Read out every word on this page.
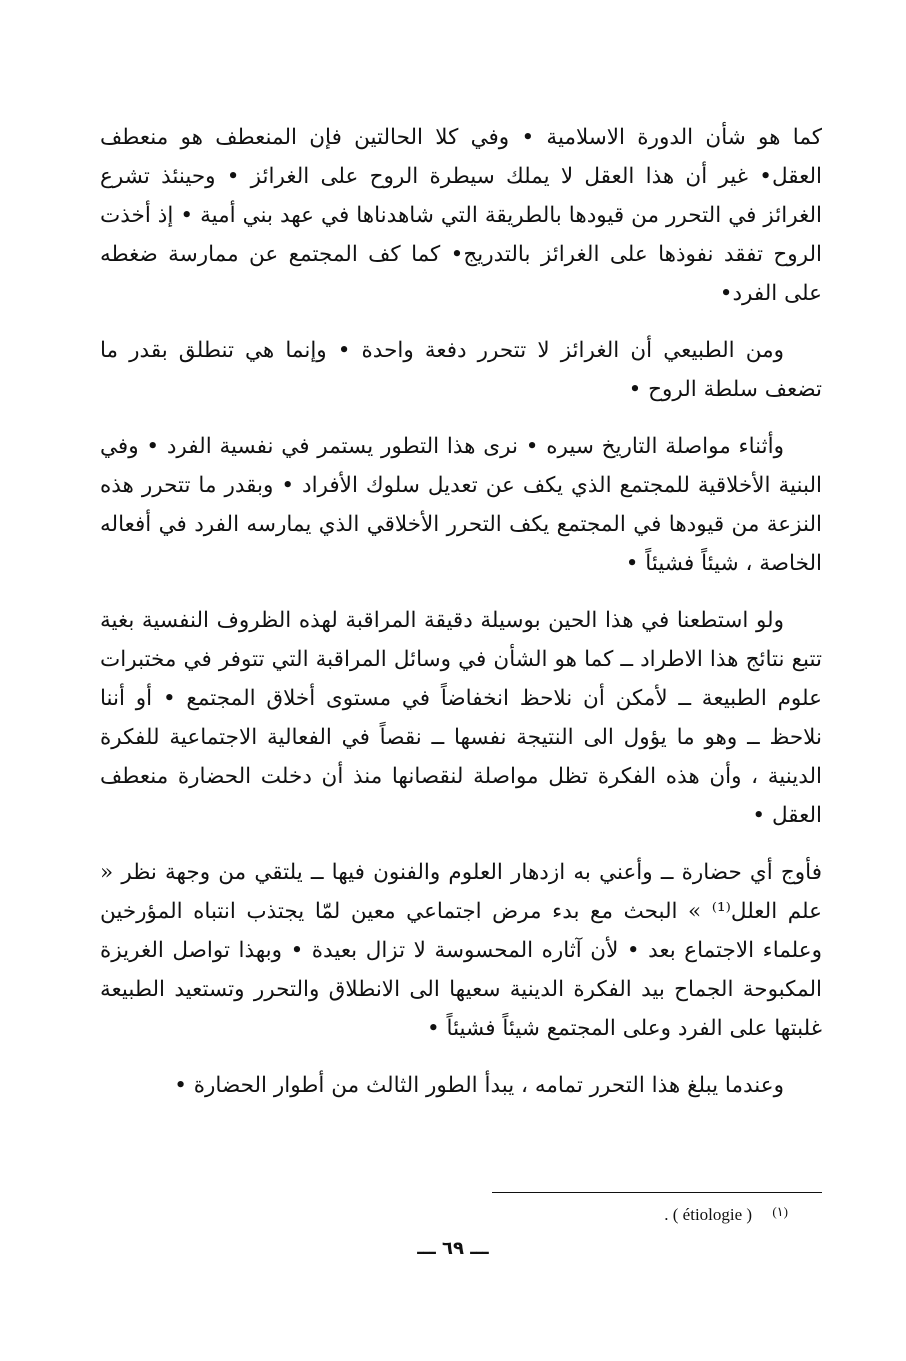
كما هو شأن الدورة الاسلامية • وفي كلا الحالتين فإن المنعطف هو منعطف العقل• غير أن هذا العقل لا يملك سيطرة الروح على الغرائز • وحينئذ تشرع الغرائز في التحرر من قيودها بالطريقة التي شاهدناها في عهد بني أمية • إذ أخذت الروح تفقد نفوذها على الغرائز بالتدريج• كما كف المجتمع عن ممارسة ضغطه على الفرد•

ومن الطبيعي أن الغرائز لا تتحرر دفعة واحدة • وإنما هي تنطلق بقدر ما تضعف سلطة الروح •

وأثناء مواصلة التاريخ سيره • نرى هذا التطور يستمر في نفسية الفرد • وفي البنية الأخلاقية للمجتمع الذي يكف عن تعديل سلوك الأفراد • وبقدر ما تتحرر هذه النزعة من قيودها في المجتمع يكف التحرر الأخلاقي الذي يمارسه الفرد في أفعاله الخاصة ، شيئاً فشيئاً •

ولو استطعنا في هذا الحين بوسيلة دقيقة المراقبة لهذه الظروف النفسية بغية تتبع نتائج هذا الاطراد ــ كما هو الشأن في وسائل المراقبة التي تتوفر في مختبرات علوم الطبيعة ــ لأمكن أن نلاحظ انخفاضاً في مستوى أخلاق المجتمع • أو أننا نلاحظ ــ وهو ما يؤول الى النتيجة نفسها ــ نقصاً في الفعالية الاجتماعية للفكرة الدينية ، وأن هذه الفكرة تظل مواصلة لنقصانها منذ أن دخلت الحضارة منعطف العقل •

فأوج أي حضارة ــ وأعني به ازدهار العلوم والفنون فيها ــ يلتقي من وجهة نظر « علم العلل⁽¹⁾ » البحث مع بدء مرض اجتماعي معين لمّا يجتذب انتباه المؤرخين وعلماء الاجتماع بعد • لأن آثاره المحسوسة لا تزال بعيدة • وبهذا تواصل الغريزة المكبوحة الجماح بيد الفكرة الدينية سعيها الى الانطلاق والتحرر وتستعيد الطبيعة غلبتها على الفرد وعلى المجتمع شيئاً فشيئاً •

وعندما يبلغ هذا التحرر تمامه ، يبدأ الطور الثالث من أطوار الحضارة •

. ( étiologie ) $^{(١)}$
ـــ ٦٩ ـــ
